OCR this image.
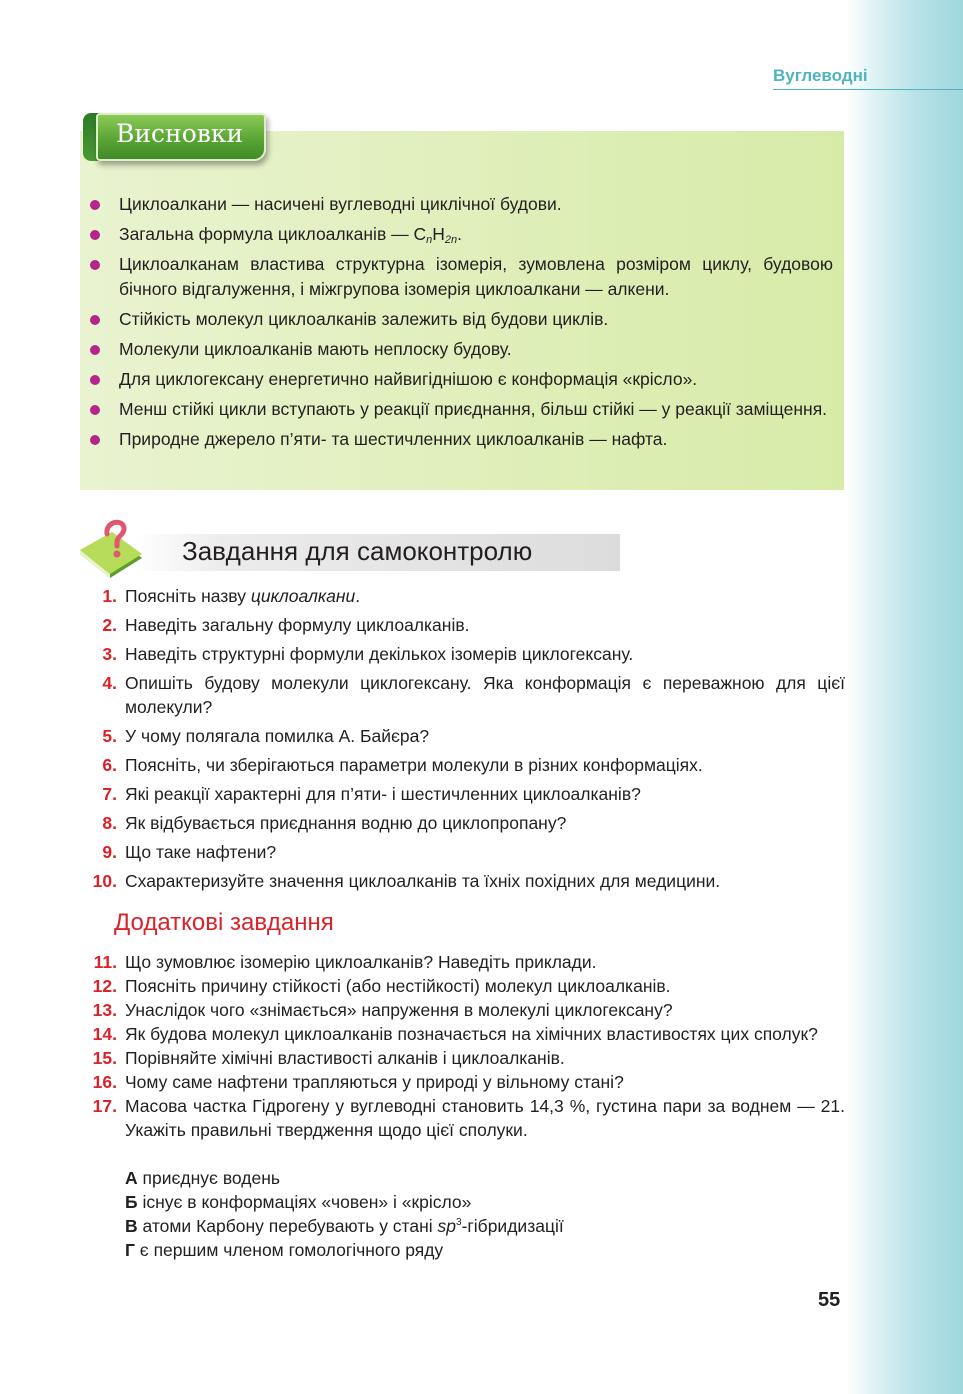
Вуглеводні
Висновки
Циклоалкани — насичені вуглеводні циклічної будови.
Загальна формула циклоалканів — $C_nH_{2n}$.
Циклоалканам властива структурна ізомерія, зумовлена розміром циклу, будовою бічного відгалуження, і міжгрупова ізомерія циклоалкани — алкени.
Стійкість молекул циклоалканів залежить від будови циклів.
Молекули циклоалканів мають неплоску будову.
Для циклогексану енергетично найвигіднішою є конформація «крісло».
Менш стійкі цикли вступають у реакції приєднання, більш стійкі — у реакції заміщення.
Природне джерело п’яти- та шестичленних циклоалканів — нафта.
Завдання для самоконтролю
1. Поясніть назву циклоалкани.
2. Наведіть загальну формулу циклоалканів.
3. Наведіть структурні формули декількох ізомерів циклогексану.
4. Опишіть будову молекули циклогексану. Яка конформація є переважною для цієї молекули?
5. У чому полягала помилка А. Байєра?
6. Поясніть, чи зберігаються параметри молекули в різних конформаціях.
7. Які реакції характерні для п’яти- і шестичленних циклоалканів?
8. Як відбувається приєднання водню до циклопропану?
9. Що таке нафтени?
10. Схарактеризуйте значення циклоалканів та їхніх похідних для медицини.
Додаткові завдання
11. Що зумовлює ізомерію циклоалканів? Наведіть приклади.
12. Поясніть причину стійкості (або нестійкості) молекул циклоалканів.
13. Унаслідок чого «знімається» напруження в молекулі циклогексану?
14. Як будова молекул циклоалканів позначається на хімічних властивостях цих сполук?
15. Порівняйте хімічні властивості алканів і циклоалканів.
16. Чому саме нафтени трапляються у природі у вільному стані?
17. Масова частка Гідрогену у вуглеводні становить 14,3 %, густина пари за воднем — 21. Укажіть правильні твердження щодо цієї сполуки.
А приєднує водень
Б існує в конформаціях «човен» і «крісло»
В атоми Карбону перебувають у стані $sp^3$-гібридизації
Г є першим членом гомологічного ряду
55
